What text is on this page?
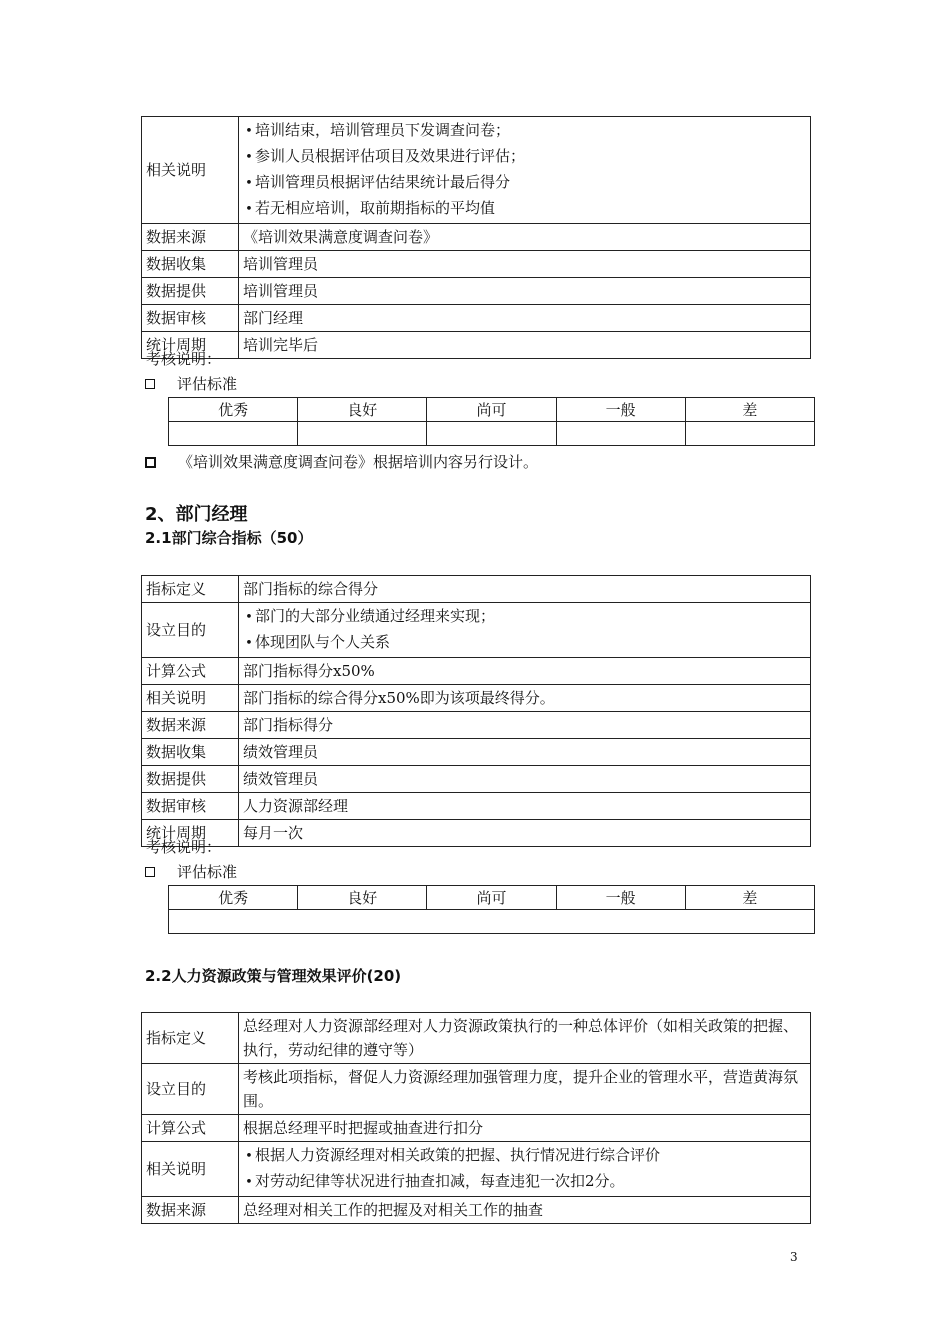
相关说明	• 培训结束，培训管理员下发调查问卷；
• 参训人员根据评估项目及效果进行评估；
• 培训管理员根据评估结果统计最后得分
• 若无相应培训，取前期指标的平均值

数据来源	《培训效果满意度调查问卷》
数据收集	培训管理员
数据提供	培训管理员
数据审核	部门经理
统计周期	培训完毕后
考核说明：
评估标准
优秀	良好	尚可	一般	差

《培训效果满意度调查问卷》根据培训内容另行设计。
2、部门经理
2.1部门综合指标（50）
指标定义	部门指标的综合得分
设立目的	• 部门的大部分业绩通过经理来实现；
• 体现团队与个人关系

计算公式	部门指标得分x50%
相关说明	部门指标的综合得分x50%即为该项最终得分。
数据来源	部门指标得分
数据收集	绩效管理员
数据提供	绩效管理员
数据审核	人力资源部经理
统计周期	每月一次
考核说明：
评估标准
优秀	良好	尚可	一般	差

2.2人力资源政策与管理效果评价(20)
指标定义	总经理对人力资源部经理对人力资源政策执行的一种总体评价（如相关政策的把握、执行，劳动纪律的遵守等）
设立目的	考核此项指标，督促人力资源经理加强管理力度，提升企业的管理水平，营造黄海氛围。
计算公式	根据总经理平时把握或抽查进行扣分
相关说明	• 根据人力资源经理对相关政策的把握、执行情况进行综合评价
• 对劳动纪律等状况进行抽查扣减，每查违犯一次扣2分。

数据来源	总经理对相关工作的把握及对相关工作的抽查
3
